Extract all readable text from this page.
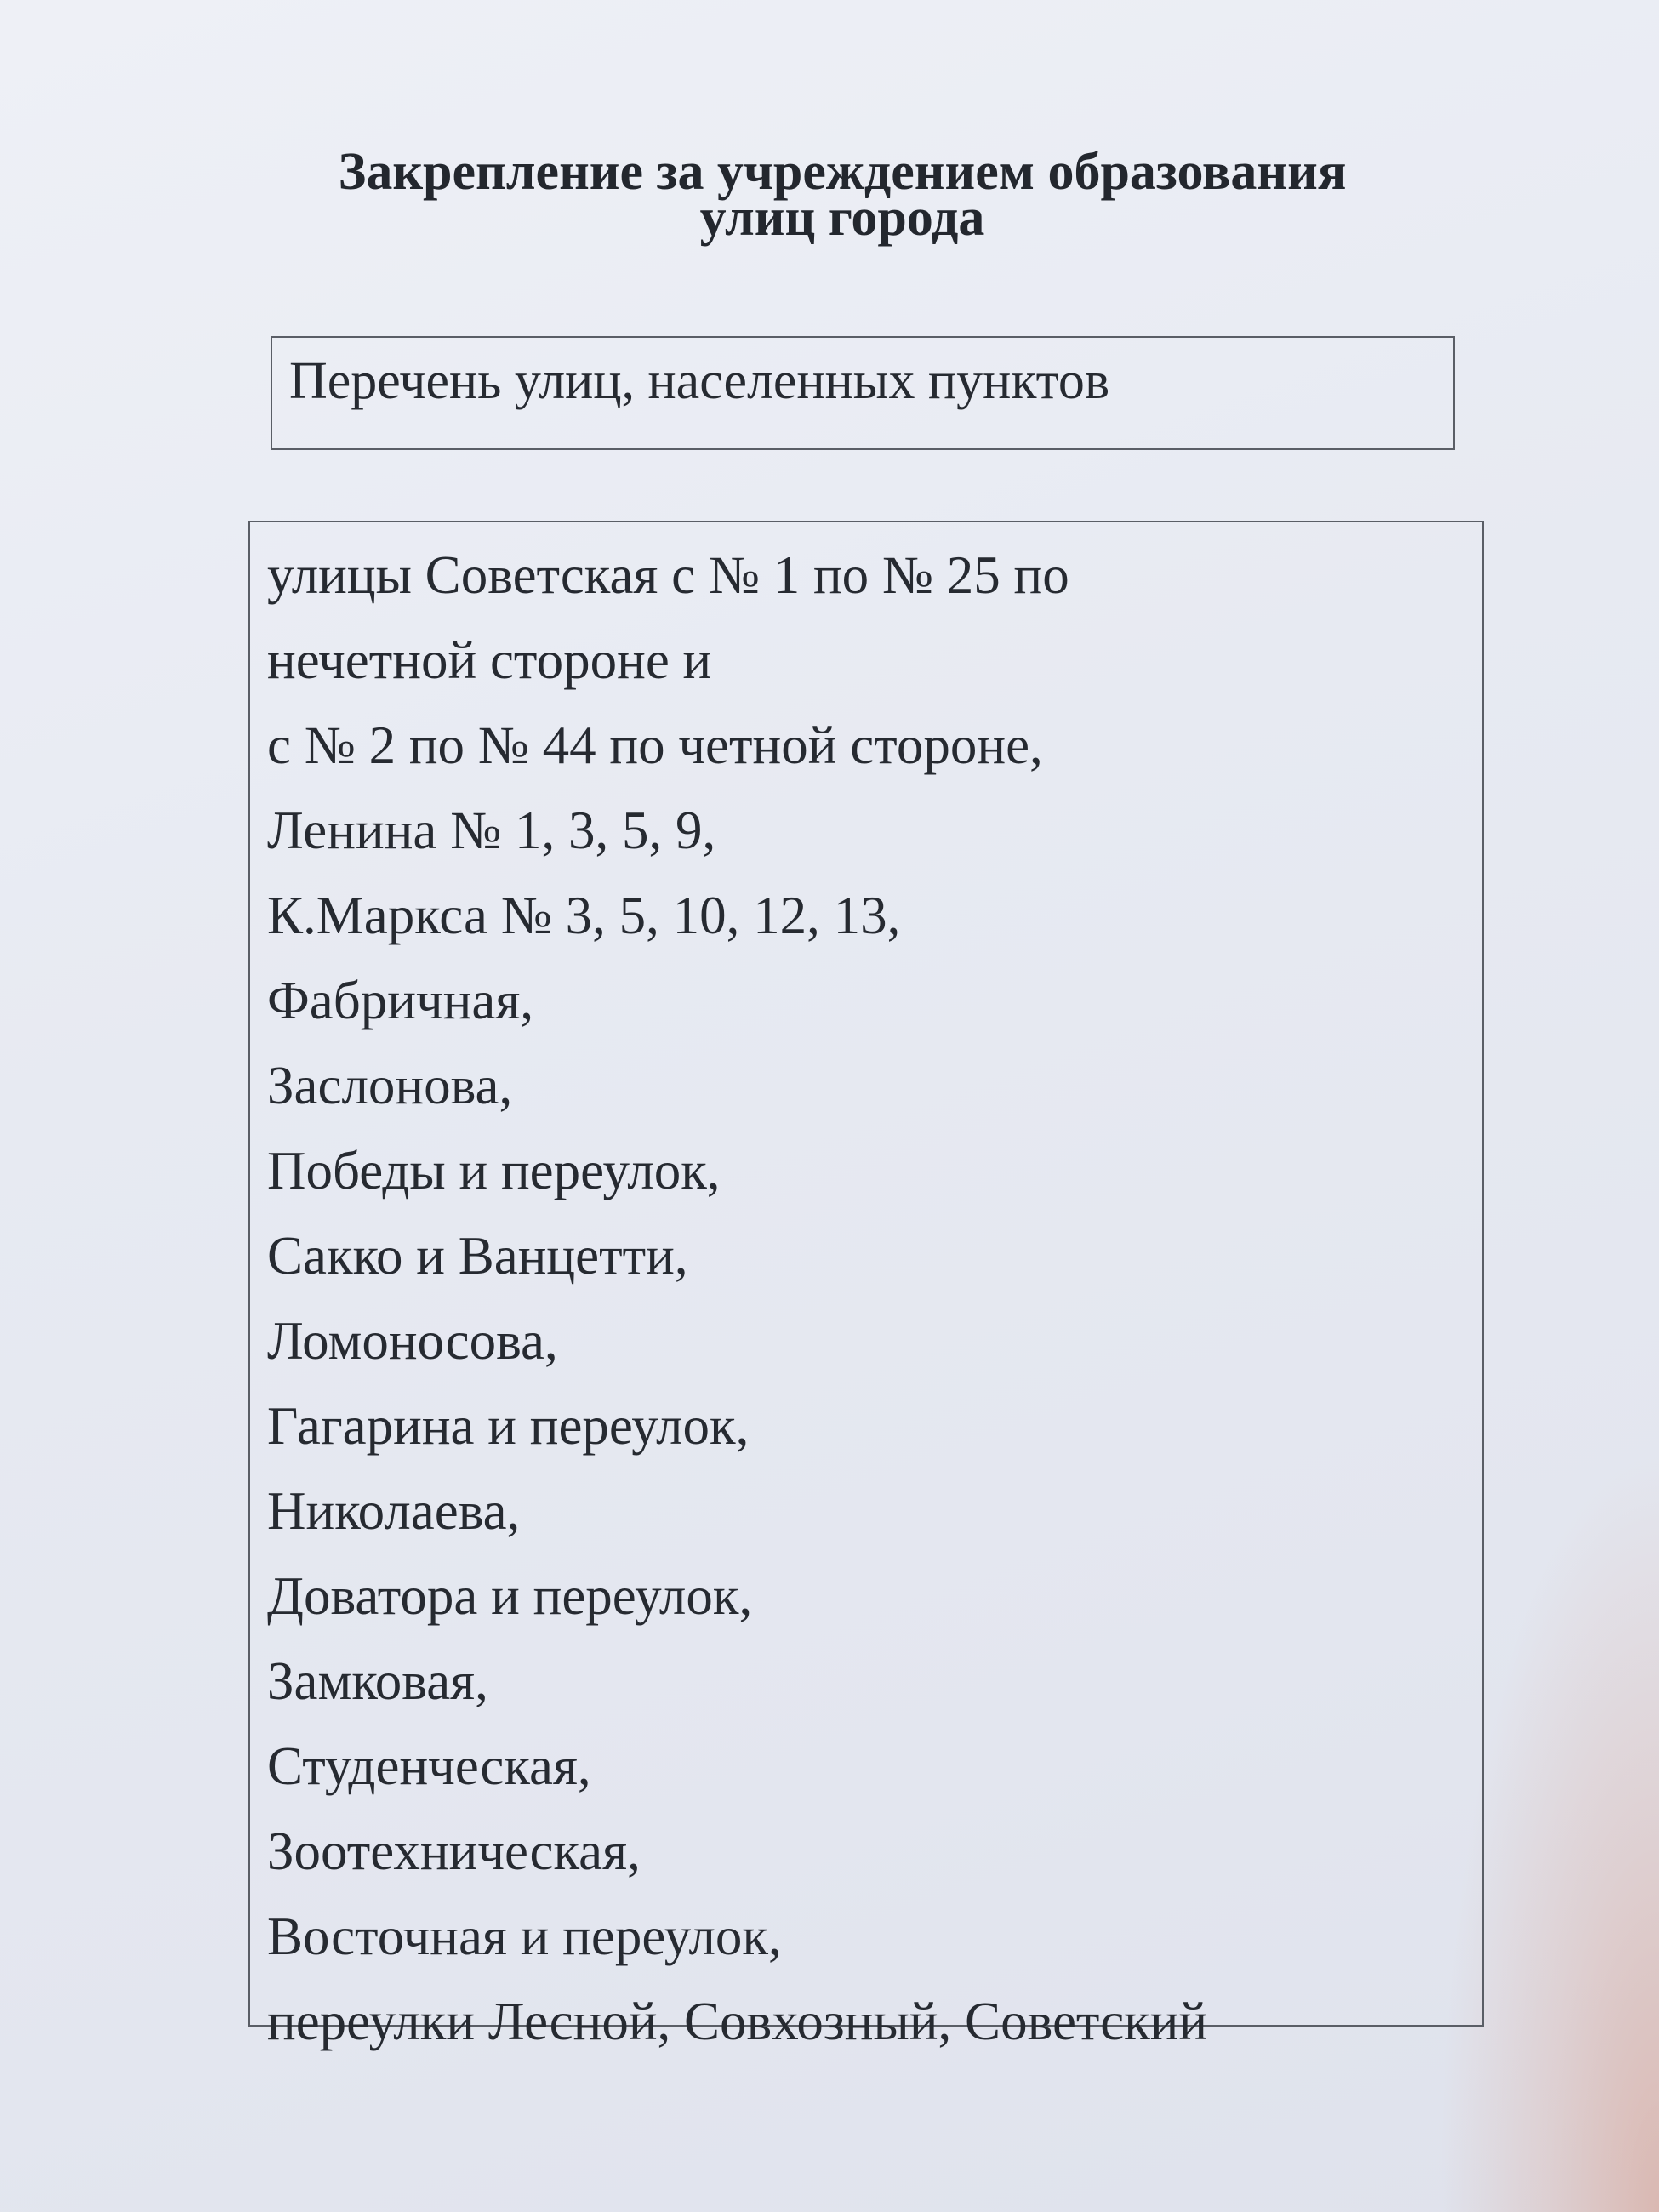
Закрепление за учреждением образования
улиц города
Перечень улиц, населенных пунктов
улицы Советская с № 1 по № 25 по
нечетной стороне и
с № 2 по № 44 по четной стороне,
Ленина № 1, 3, 5, 9,
К.Маркса № 3, 5, 10, 12, 13,
Фабричная,
Заслонова,
Победы и переулок,
Сакко и Ванцетти,
Ломоносова,
Гагарина и переулок,
Николаева,
Доватора и переулок,
Замковая,
Студенческая,
Зоотехническая,
Восточная и переулок,
переулки Лесной, Совхозный, Советский
